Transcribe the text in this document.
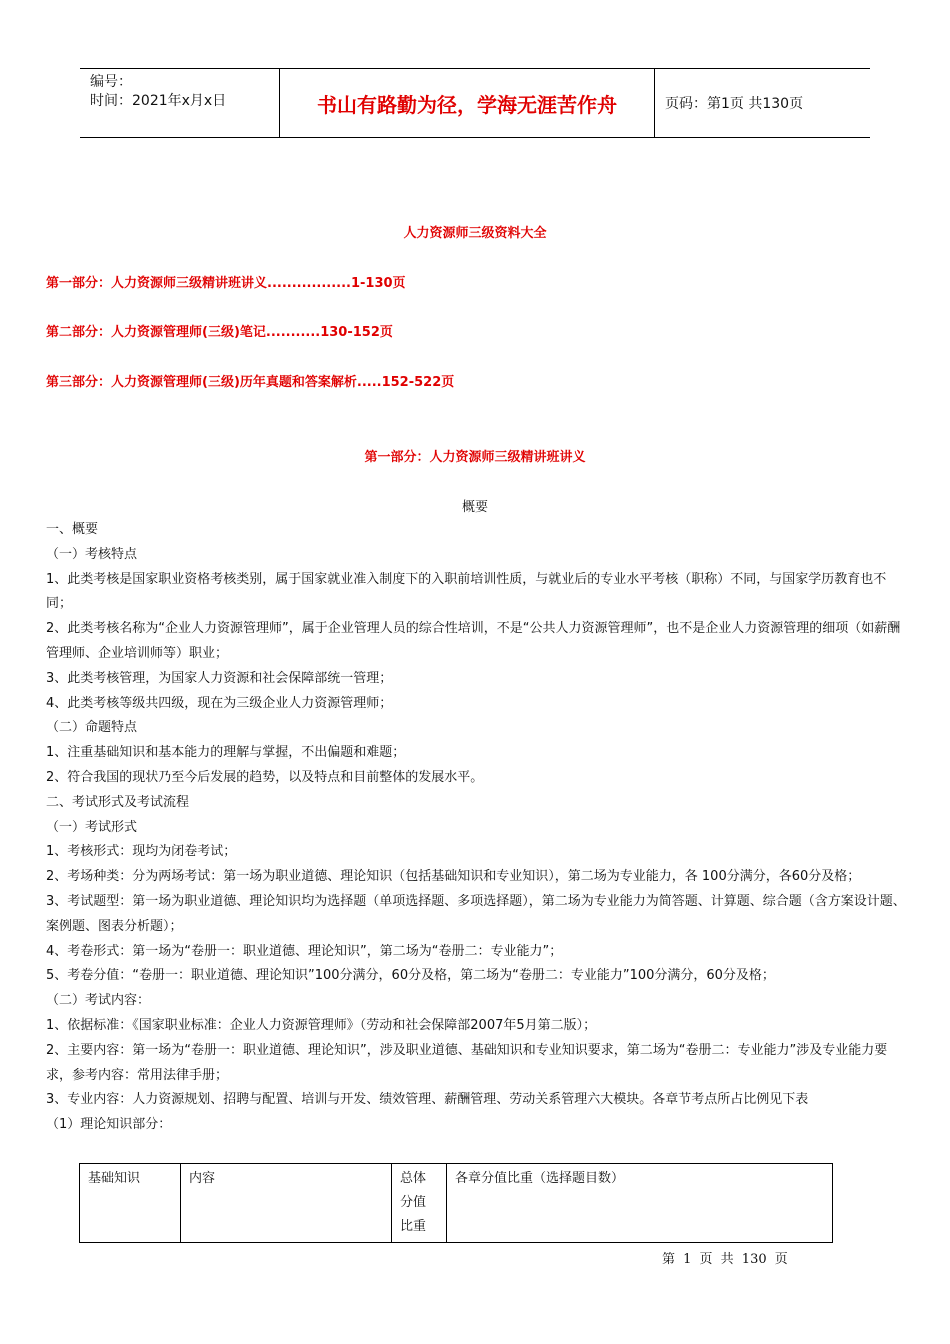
编号：
时间：2021年x月x日	书山有路勤为径，学海无涯苦作舟	页码：第1页 共130页
人力资源师三级资料大全
第一部分：人力资源师三级精讲班讲义.................1-130页
第二部分：人力资源管理师(三级)笔记...........130-152页
第三部分：人力资源管理师(三级)历年真题和答案解析.....152-522页
第一部分：人力资源师三级精讲班讲义
概要
一、概要
（一）考核特点
1、此类考核是国家职业资格考核类别，属于国家就业准入制度下的入职前培训性质，与就业后的专业水平考核（职称）不同，与国家学历教育也不同；
2、此类考核名称为“企业人力资源管理师”，属于企业管理人员的综合性培训，不是“公共人力资源管理师”，也不是企业人力资源管理的细项（如薪酬管理师、企业培训师等）职业；
3、此类考核管理，为国家人力资源和社会保障部统一管理；
4、此类考核等级共四级，现在为三级企业人力资源管理师；
（二）命题特点
1、注重基础知识和基本能力的理解与掌握，不出偏题和难题；
2、符合我国的现状乃至今后发展的趋势，以及特点和目前整体的发展水平。
二、考试形式及考试流程
（一）考试形式
1、考核形式：现均为闭卷考试；
2、考场种类：分为两场考试：第一场为职业道德、理论知识（包括基础知识和专业知识），第二场为专业能力，各 100分满分，各60分及格；
3、考试题型：第一场为职业道德、理论知识均为选择题（单项选择题、多项选择题），第二场为专业能力为简答题、计算题、综合题（含方案设计题、案例题、图表分析题）；
4、考卷形式：第一场为“卷册一：职业道德、理论知识”，第二场为“卷册二：专业能力”；
5、考卷分值：“卷册一：职业道德、理论知识”100分满分，60分及格，第二场为“卷册二：专业能力”100分满分，60分及格；
（二）考试内容：
1、依据标准：《国家职业标准：企业人力资源管理师》（劳动和社会保障部2007年5月第二版）；
2、主要内容：第一场为“卷册一：职业道德、理论知识”，涉及职业道德、基础知识和专业知识要求，第二场为“卷册二：专业能力”涉及专业能力要求，参考内容：常用法律手册；
3、专业内容：人力资源规划、招聘与配置、培训与开发、绩效管理、薪酬管理、劳动关系管理六大模块。各章节考点所占比例见下表
（1）理论知识部分：
基础知识	内容	总体分值比重	各章分值比重（选择题目数）
第 1 页 共 130 页
